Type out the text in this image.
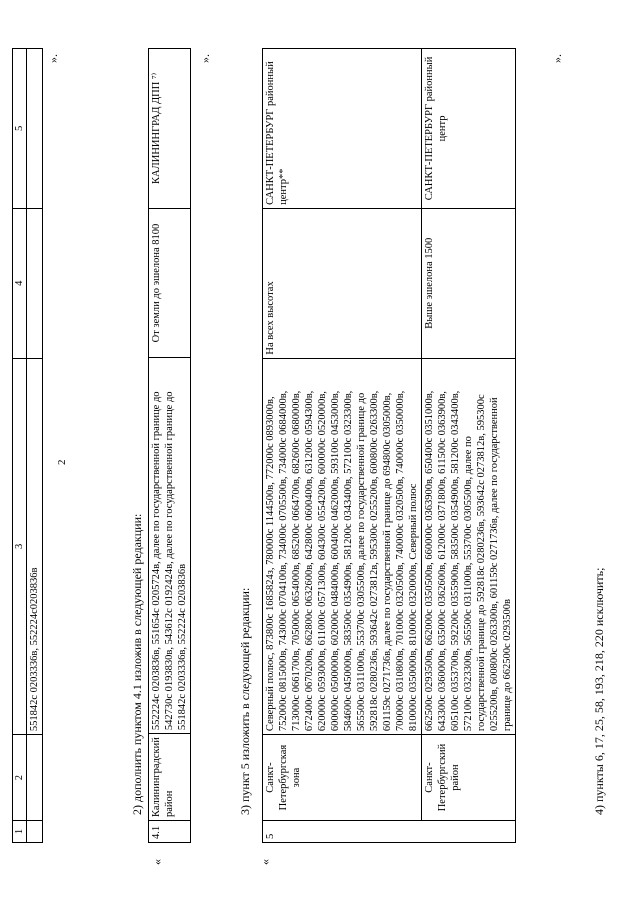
2
1	2	3	4	5
		551842с 0203336в, 552224с0203836в		
».
2) дополнить пунктом 4.1 изложив в следующей редакции:
«
4.1	Калининградский район	552224с 0203836в, 551654с 0205724в, далее по государственной границе до 542730с 0193830в, 543612с 0192424в, далее по государственной границе до 551842с 0203336в, 552224с 0203836в	От земли до эшелона 8100	КАЛИНИНГРАД ДПП ⁷⁾
».
3) пункт 5 изложить в следующей редакции:
«
5	Санкт-Петербургская зона	Северный полюс, 873800с 1685824з, 780000с 1144500в, 772000с 0893000в, 752000с 0815000в, 743000с 0704100в, 734000с 0705500в, 734000с 0684000в, 713000с 0661700в, 705000с 0654000в, 685200с 0664700в, 682600с 0680000в, 672400с 0670200в, 662800с 0632600в, 642800с 0600400в, 631200с 0594300в, 620000с 0593000в, 611000с 0571300в, 604300с 0554200в, 600000с 0520000в, 600000с 0500000в, 602000с 0484000в, 600400с 0462000в, 593100с 0453000в, 584600с 0450000в, 583500с 0354900в, 581200с 0343400в, 572100с 0323300в, 565500с 0311000в, 553700с 0305500в, далее по государственной границе до 592818с 0280236в, 593642с 0273812в, 595300с 0255200в, 600800с 0263300в, 601159с 0271736в, далее по государственной границе до 694800с 0305000в, 700000с 0310800в, 701000с 0320500в, 740000с 0320500в, 740000с 0350000в, 810000с 0350000в, 810000с 0320000в, Северный полюс	На всех высотах	САНКТ-ПЕТЕРБУРГ районный центр**
	Санкт-Петербургский район	662500с 0293500в, 662000с 0350500в, 660000с 0363900в, 650400с 0351000в, 643300с 0360000в, 635000с 0362600в, 612000с 0371800в, 611500с 0363900в, 605100с 0353700в, 592200с 0355900в, 583500с 0354900в, 581200с 0343400в, 572100с 0323300в, 565500с 0311000в, 553700с 0305500в, далее по государственной границе до 592818с 0280236в, 593642с 0273812в, 595300с 0255200в, 600800с 0263300в, 601159с 0271736в, далее по государственной границе до 662500с 0293500в	Выше эшелона 1500	САНКТ-ПЕТЕРБУРГ районный центр
».
4) пункты 6, 17, 25, 58, 193, 218, 220 исключить;
